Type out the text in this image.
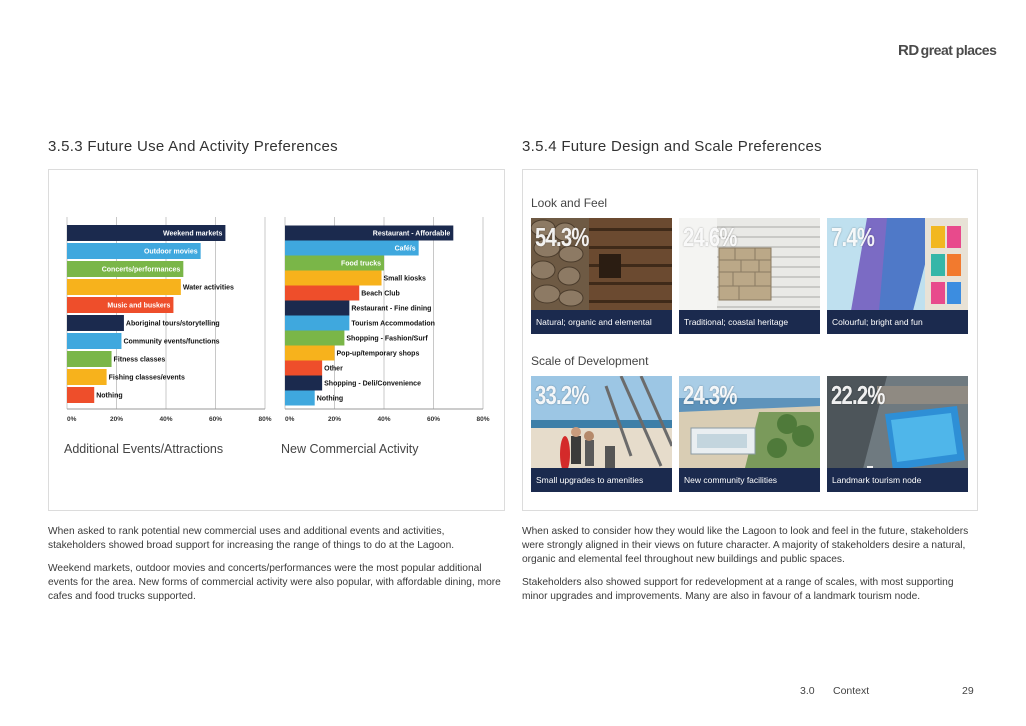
RD great places
3.5.3 Future Use And Activity Preferences	3.5.4 Future Design and Scale Preferences
0%	20%	40%	60%	80%
Weekend markets
Outdoor movies
Concerts/performances
Water activities
Music and buskers
Aboriginal tours/storytelling
Community events/functions
Fitness classes
Fishing classes/events
Nothing
0%	20%	40%	60%	80%
Restaurant - Affordable
Café/s
Food trucks
Small kiosks
Beach Club
Restaurant - Fine dining
Tourism Accommodation
Shopping - Fashion/Surf
Pop-up/temporary shops
Other
Shopping - Deli/Convenience
Nothing
Additional Events/Attractions	New Commercial Activity
Look and Feel
Scale of Development
54.3%
Natural; organic and elemental
24.6%
Traditional; coastal heritage
7.4%
Colourful; bright and fun
33.2%
Small upgrades to amenities
24.3%
New community facilities
22.2%
Landmark tourism node

When asked to rank potential new commercial uses and additional events and activities, stakeholders showed broad support for increasing the range of things to do at the Lagoon.

Weekend markets, outdoor movies and concerts/performances were the most popular additional events for the area. New forms of commercial activity were also popular, with affordable dining, more cafes and food trucks supported.

When asked to consider how they would like the Lagoon to look and feel in the future, stakeholders were strongly aligned in their views on future character. A majority of stakeholders desire a natural, organic and elemental feel throughout new buildings and public spaces.

Stakeholders also showed support for redevelopment at a range of scales, with most supporting minor upgrades and improvements. Many are also in favour of a landmark tourism node.

3.0 Context	29
